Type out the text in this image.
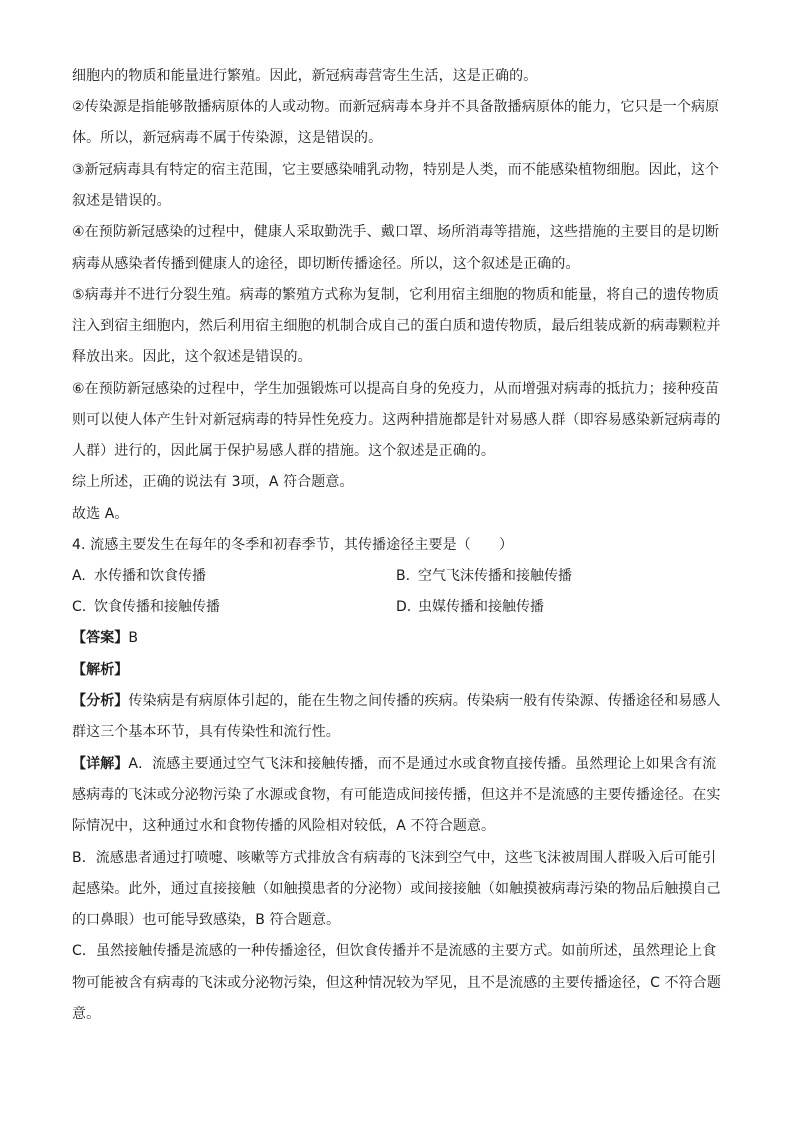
细胞内的物质和能量进行繁殖。因此，新冠病毒营寄生生活，这是正确的。
②传染源是指能够散播病原体的人或动物。而新冠病毒本身并不具备散播病原体的能力，它只是一个病原
体。所以，新冠病毒不属于传染源，这是错误的。
③新冠病毒具有特定的宿主范围，它主要感染哺乳动物，特别是人类，而不能感染植物细胞。因此，这个
叙述是错误的。
④在预防新冠感染的过程中，健康人采取勤洗手、戴口罩、场所消毒等措施，这些措施的主要目的是切断
病毒从感染者传播到健康人的途径，即切断传播途径。所以，这个叙述是正确的。
⑤病毒并不进行分裂生殖。病毒的繁殖方式称为复制，它利用宿主细胞的物质和能量，将自己的遗传物质
注入到宿主细胞内，然后利用宿主细胞的机制合成自己的蛋白质和遗传物质，最后组装成新的病毒颗粒并
释放出来。因此，这个叙述是错误的。
⑥在预防新冠感染的过程中，学生加强锻炼可以提高自身的免疫力，从而增强对病毒的抵抗力；接种疫苗
则可以使人体产生针对新冠病毒的特异性免疫力。这两种措施都是针对易感人群（即容易感染新冠病毒的
人群）进行的，因此属于保护易感人群的措施。这个叙述是正确的。
综上所述，正确的说法有 3项，A 符合题意。
故选 A。
4. 流感主要发生在每年的冬季和初春季节，其传播途径主要是（　　）
A. 水传播和饮食传播	B. 空气飞沫传播和接触传播
C. 饮食传播和接触传播	D. 虫媒传播和接触传播
【答案】B
【解析】
【分析】传染病是有病原体引起的，能在生物之间传播的疾病。传染病一般有传染源、传播途径和易感人
群这三个基本环节，具有传染性和流行性。
【详解】A．流感主要通过空气飞沫和接触传播，而不是通过水或食物直接传播。虽然理论上如果含有流
感病毒的飞沫或分泌物污染了水源或食物，有可能造成间接传播，但这并不是流感的主要传播途径。在实
际情况中，这种通过水和食物传播的风险相对较低，A 不符合题意。
B．流感患者通过打喷嚏、咳嗽等方式排放含有病毒的飞沫到空气中，这些飞沫被周围人群吸入后可能引
起感染。此外，通过直接接触（如触摸患者的分泌物）或间接接触（如触摸被病毒污染的物品后触摸自己
的口鼻眼）也可能导致感染，B 符合题意。
C．虽然接触传播是流感的一种传播途径，但饮食传播并不是流感的主要方式。如前所述，虽然理论上食
物可能被含有病毒的飞沫或分泌物污染，但这种情况较为罕见，且不是流感的主要传播途径，C 不符合题
意。
